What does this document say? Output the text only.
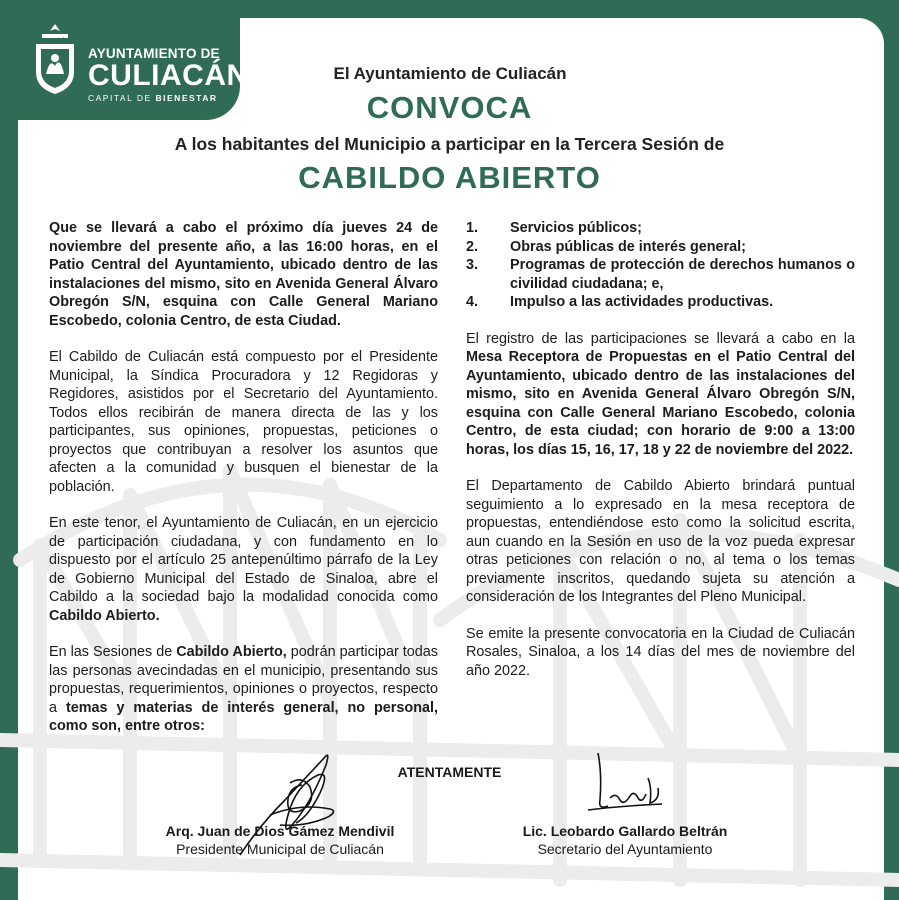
CULIACÁN
AYUNTAMIENTO DE
CULIACÁN
CAPITAL DE BIENESTAR
El Ayuntamiento de Culiacán
CONVOCA
A los habitantes del Municipio a participar en la Tercera Sesión de
CABILDO ABIERTO

Que se llevará a cabo el próximo día jueves 24 de noviembre del presente año, a las 16:00 horas, en el Patio Central del Ayuntamiento, ubicado dentro de las instalaciones del mismo, sito en Avenida General Álvaro Obregón S/N, esquina con Calle General Mariano Escobedo, colonia Centro, de esta Ciudad.

El Cabildo de Culiacán está compuesto por el Presidente Municipal, la Síndica Procuradora y 12 Regidoras y Regidores, asistidos por el Secretario del Ayuntamiento. Todos ellos recibirán de manera directa de las y los participantes, sus opiniones, propuestas, peticiones o proyectos que contribuyan a resolver los asuntos que afecten a la comunidad y busquen el bienestar de la población.

En este tenor, el Ayuntamiento de Culiacán, en un ejercicio de participación ciudadana, y con fundamento en lo dispuesto por el artículo 25 antepenúltimo párrafo de la Ley de Gobierno Municipal del Estado de Sinaloa, abre el Cabildo a la sociedad bajo la modalidad conocida como Cabildo Abierto.

En las Sesiones de Cabildo Abierto, podrán participar todas las personas avecindadas en el municipio, presentando sus propuestas, requerimientos, opiniones o proyectos, respecto a temas y materias de interés general, no personal, como son, entre otros:

1. Servicios públicos;
2. Obras públicas de interés general;
3. Programas de protección de derechos humanos o civilidad ciudadana; e,
4. Impulso a las actividades productivas.

El registro de las participaciones se llevará a cabo en la Mesa Receptora de Propuestas en el Patio Central del Ayuntamiento, ubicado dentro de las instalaciones del mismo, sito en Avenida General Álvaro Obregón S/N, esquina con Calle General Mariano Escobedo, colonia Centro, de esta ciudad; con horario de 9:00 a 13:00 horas, los días 15, 16, 17, 18 y 22 de noviembre del 2022.

El Departamento de Cabildo Abierto brindará puntual seguimiento a lo expresado en la mesa receptora de propuestas, entendiéndose esto como la solicitud escrita, aun cuando en la Sesión en uso de la voz pueda expresar otras peticiones con relación o no, al tema o los temas previamente inscritos, quedando sujeta su atención a consideración de los Integrantes del Pleno Municipal.

Se emite la presente convocatoria en la Ciudad de Culiacán Rosales, Sinaloa, a los 14 días del mes de noviembre del año 2022.

ATENTAMENTE
Arq. Juan de Dios Gámez Mendivil
Presidente Municipal de Culiacán
Lic. Leobardo Gallardo Beltrán
Secretario del Ayuntamiento
